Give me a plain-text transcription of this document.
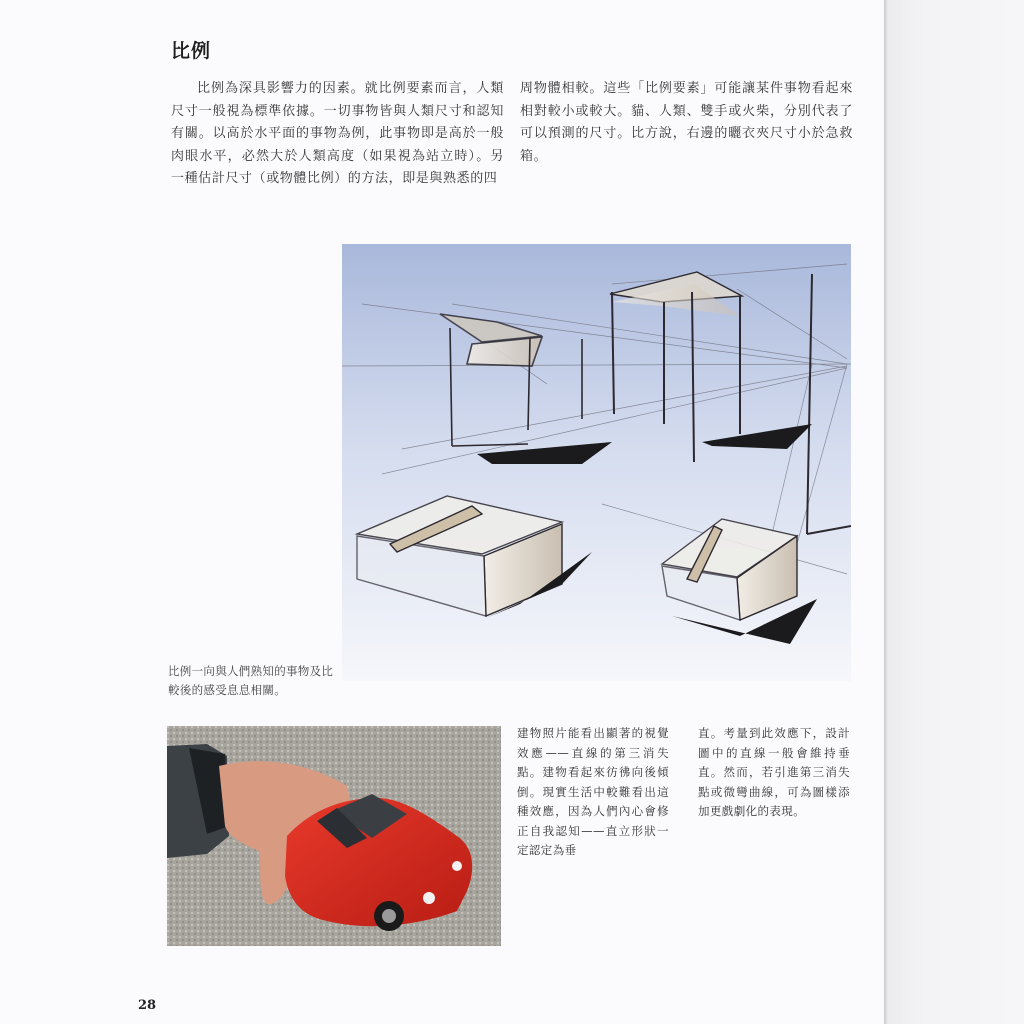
比例

比例為深具影響力的因素。就比例要素而言，人類尺寸一般視為標準依據。一切事物皆與人類尺寸和認知有關。以高於水平面的事物為例，此事物即是高於一般肉眼水平，必然大於人類高度（如果視為站立時）。另一種估計尺寸（或物體比例）的方法，即是與熟悉的四

周物體相較。這些「比例要素」可能讓某件事物看起來相對較小或較大。貓、人類、雙手或火柴，分別代表了可以預測的尺寸。比方說，右邊的曬衣夾尺寸小於急救箱。

比例一向與人們熟知的事物及比較後的感受息息相關。

建物照片能看出顯著的視覺效應——直線的第三消失點。建物看起來彷彿向後傾倒。現實生活中較難看出這種效應，因為人們內心會修正自我認知——直立形狀一定認定為垂

直。考量到此效應下，設計圖中的直線一般會維持垂直。然而，若引進第三消失點或微彎曲線，可為圖樣添加更戲劇化的表現。

28
